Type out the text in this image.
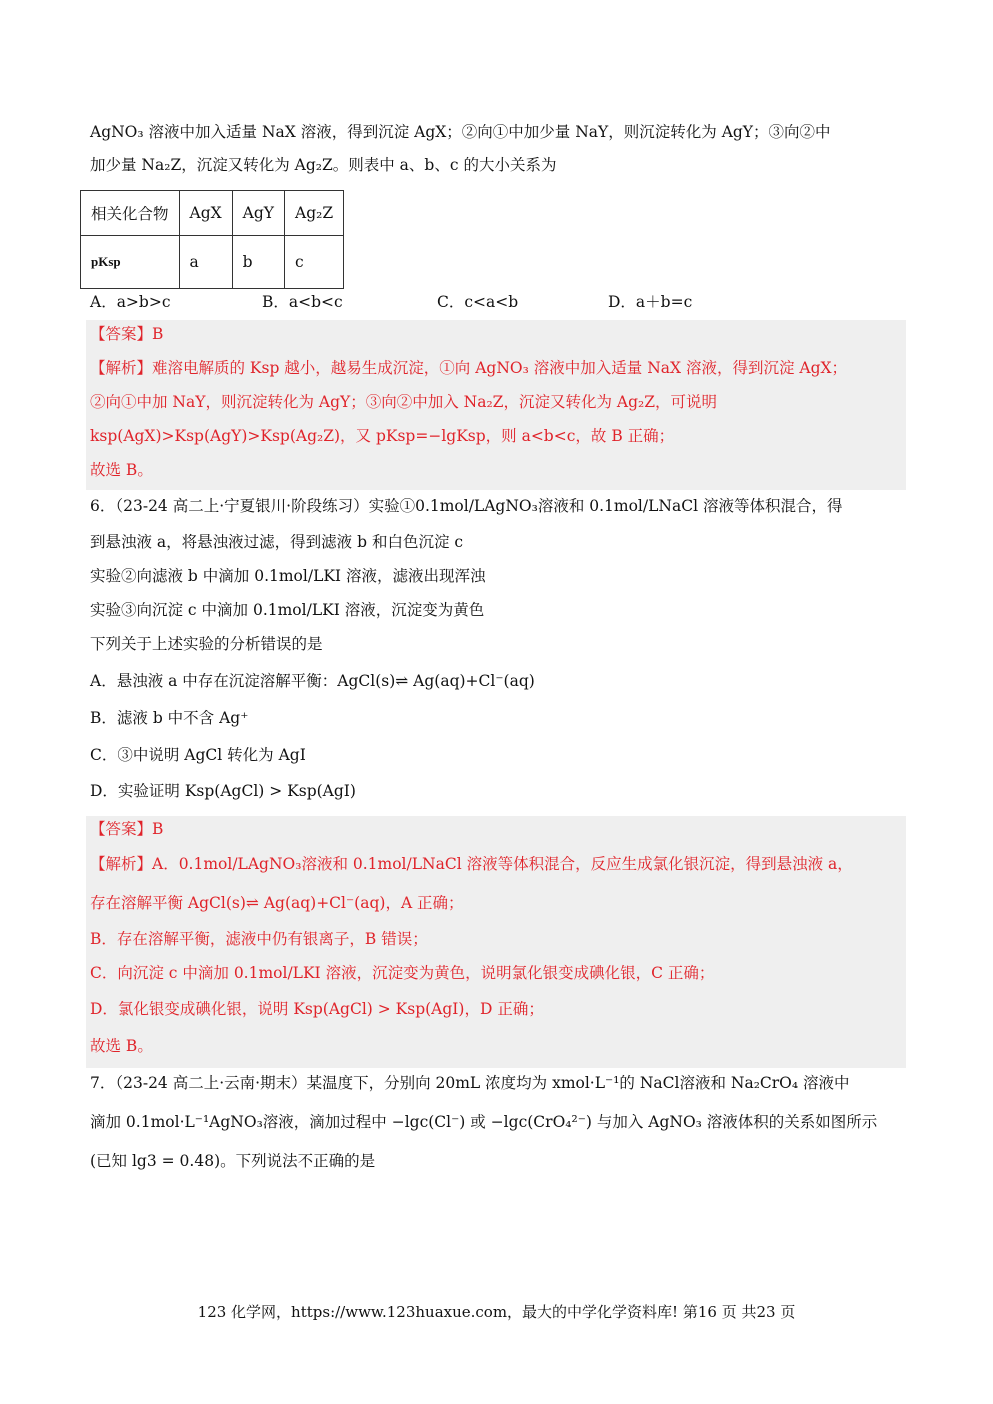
AgNO₃ 溶液中加入适量 NaX 溶液，得到沉淀 AgX；②向①中加少量 NaY，则沉淀转化为 AgY；③向②中
加少量 Na₂Z，沉淀又转化为 Ag₂Z。则表中 a、b、c 的大小关系为
相关化合物	AgX	AgY	Ag₂Z
pKsp	a	b	c
A．a>b>c	B．a<b<c	C．c<a<b	D．a＋b=c
【答案】B
【解析】难溶电解质的 Ksp 越小，越易生成沉淀，①向 AgNO₃ 溶液中加入适量 NaX 溶液，得到沉淀 AgX；
②向①中加 NaY，则沉淀转化为 AgY；③向②中加入 Na₂Z，沉淀又转化为 Ag₂Z，可说明
ksp(AgX)>Ksp(AgY)>Ksp(Ag₂Z)，又 pKsp=−lgKsp，则 a<b<c，故 B 正确；
故选 B。
6．（23-24 高二上·宁夏银川·阶段练习）实验①0.1mol/LAgNO₃溶液和 0.1mol/LNaCl 溶液等体积混合，得
到悬浊液 a，将悬浊液过滤，得到滤液 b 和白色沉淀 c
实验②向滤液 b 中滴加 0.1mol/LKI 溶液，滤液出现浑浊
实验③向沉淀 c 中滴加 0.1mol/LKI 溶液，沉淀变为黄色
下列关于上述实验的分析错误的是
A．悬浊液 a 中存在沉淀溶解平衡：AgCl(s)⇌ Ag(aq)+Cl⁻(aq)
B．滤液 b 中不含 Ag⁺
C．③中说明 AgCl 转化为 AgI
D．实验证明 Ksp(AgCl) > Ksp(AgI)
【答案】B
【解析】A．0.1mol/LAgNO₃溶液和 0.1mol/LNaCl 溶液等体积混合，反应生成氯化银沉淀，得到悬浊液 a，
存在溶解平衡 AgCl(s)⇌ Ag(aq)+Cl⁻(aq)，A 正确；
B．存在溶解平衡，滤液中仍有银离子，B 错误；
C．向沉淀 c 中滴加 0.1mol/LKI 溶液，沉淀变为黄色，说明氯化银变成碘化银，C 正确；
D．氯化银变成碘化银，说明 Ksp(AgCl) > Ksp(AgI)，D 正确；
故选 B。
7．（23-24 高二上·云南·期末）某温度下，分别向 20mL 浓度均为 xmol·L⁻¹的 NaCl溶液和 Na₂CrO₄ 溶液中
滴加 0.1mol·L⁻¹AgNO₃溶液，滴加过程中 −lgc(Cl⁻) 或 −lgc(CrO₄²⁻) 与加入 AgNO₃ 溶液体积的关系如图所示
(已知 lg3 = 0.48)。下列说法不正确的是
123 化学网，https://www.123huaxue.com，最大的中学化学资料库! 第16 页 共23 页
